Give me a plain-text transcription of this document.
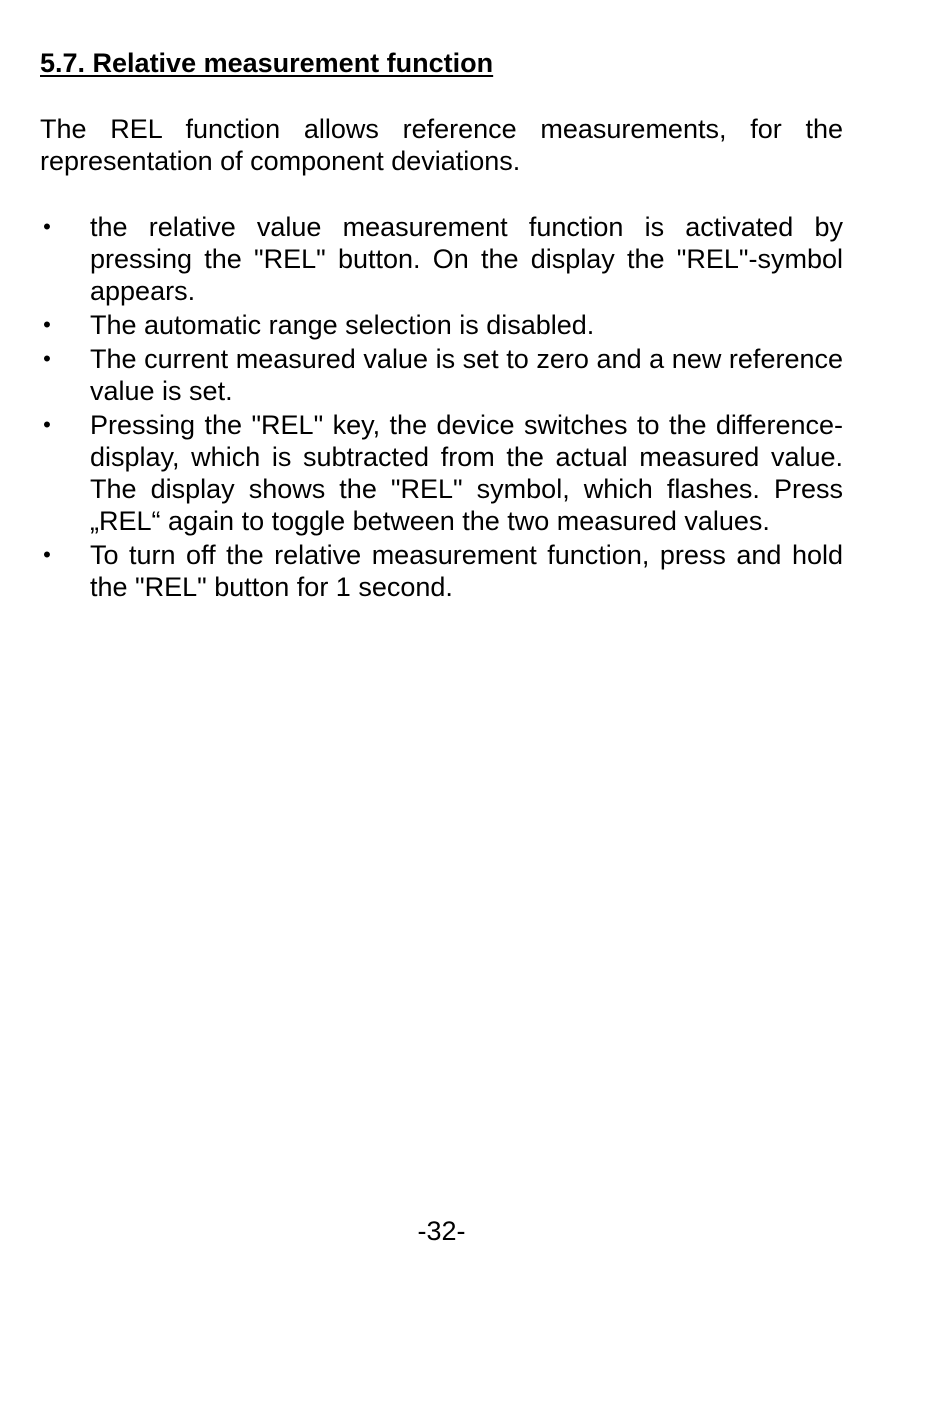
5.7. Relative measurement function

The REL function allows reference measurements, for the representation of component deviations.

• the relative value measurement function is activated by pressing the "REL" button. On the display the "REL"-symbol appears.
• The automatic range selection is disabled.
• The current measured value is set to zero and a new reference value is set.
• Pressing the "REL" key, the device switches to the difference-display, which is subtracted from the actual measured value. The display shows the "REL" symbol, which flashes. Press „REL“ again to toggle between the two measured values.
• To turn off the relative measurement function, press and hold the "REL" button for 1 second.
-32-
